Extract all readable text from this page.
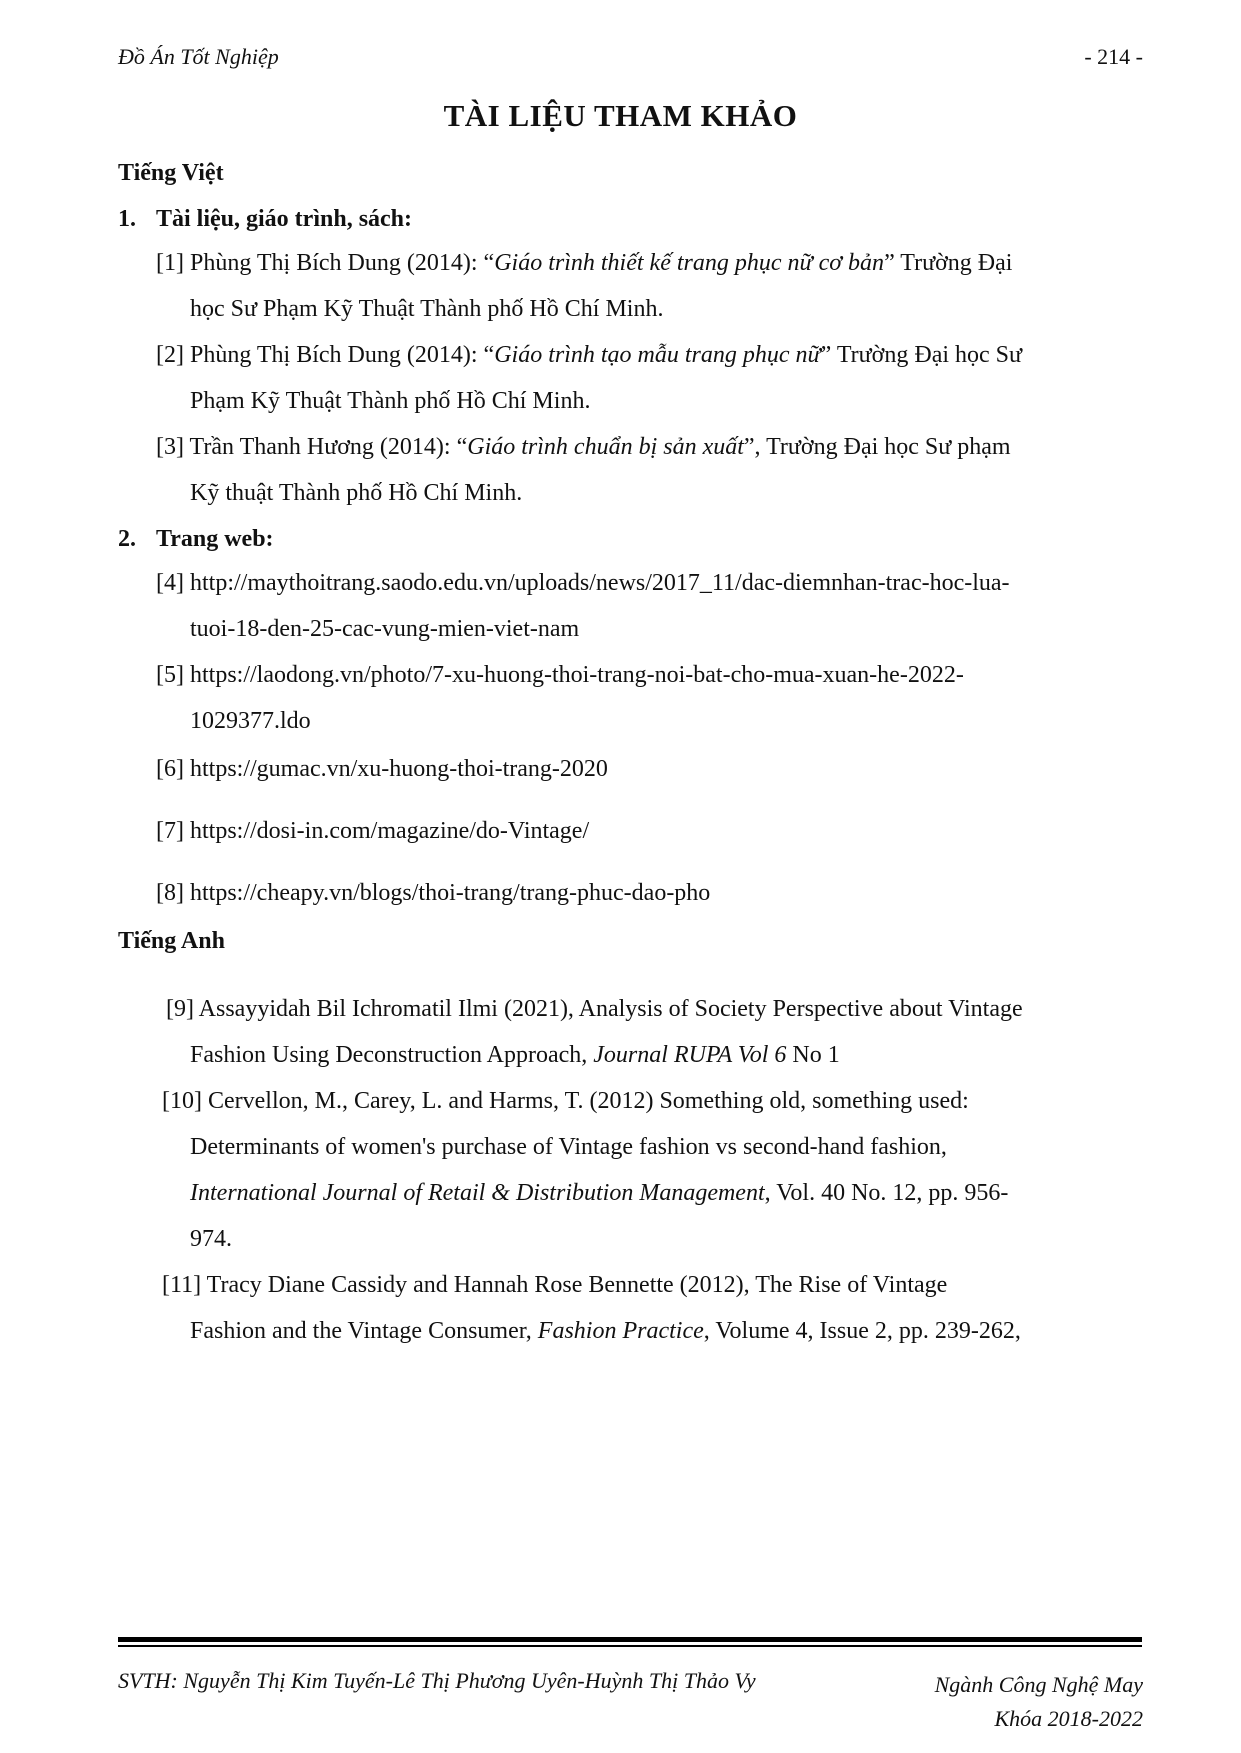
Đồ Án Tốt Nghiệp	- 214 -
TÀI LIỆU THAM KHẢO
Tiếng Việt
1. Tài liệu, giáo trình, sách:
[1] Phùng Thị Bích Dung (2014): “Giáo trình thiết kế trang phục nữ cơ bản” Trường Đại
học Sư Phạm Kỹ Thuật Thành phố Hồ Chí Minh.
[2] Phùng Thị Bích Dung (2014): “Giáo trình tạo mẫu trang phục nữ” Trường Đại học Sư
Phạm Kỹ Thuật Thành phố Hồ Chí Minh.
[3] Trần Thanh Hương (2014): “Giáo trình chuẩn bị sản xuất”, Trường Đại học Sư phạm
Kỹ thuật Thành phố Hồ Chí Minh.
2. Trang web:
[4] http://maythoitrang.saodo.edu.vn/uploads/news/2017_11/dac-diemnhan-trac-hoc-lua-
tuoi-18-den-25-cac-vung-mien-viet-nam
[5] https://laodong.vn/photo/7-xu-huong-thoi-trang-noi-bat-cho-mua-xuan-he-2022-
1029377.ldo
[6] https://gumac.vn/xu-huong-thoi-trang-2020
[7] https://dosi-in.com/magazine/do-Vintage/
[8] https://cheapy.vn/blogs/thoi-trang/trang-phuc-dao-pho
Tiếng Anh
[9] Assayyidah Bil Ichromatil Ilmi (2021), Analysis of Society Perspective about Vintage
Fashion Using Deconstruction Approach, Journal RUPA Vol 6 No 1
[10] Cervellon, M., Carey, L. and Harms, T. (2012) Something old, something used:
Determinants of women's purchase of Vintage fashion vs second-hand fashion,
International Journal of Retail & Distribution Management, Vol. 40 No. 12, pp. 956-
974.
[11] Tracy Diane Cassidy and Hannah Rose Bennette (2012), The Rise of Vintage
Fashion and the Vintage Consumer, Fashion Practice, Volume 4, Issue 2, pp. 239-262,
SVTH: Nguyễn Thị Kim Tuyến-Lê Thị Phương Uyên-Huỳnh Thị Thảo Vy	Ngành Công Nghệ May
Khóa 2018-2022
